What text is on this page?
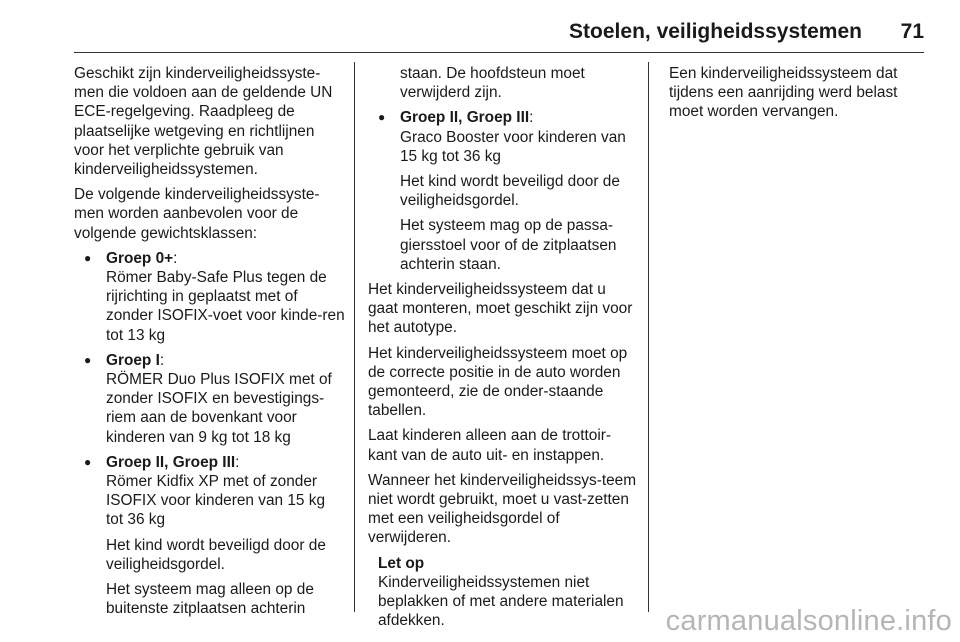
Stoelen, veiligheidssystemen 71

Geschikt zijn kinderveiligheidssyste-men die voldoen aan de geldende UN ECE-regelgeving. Raadpleeg de plaatselijke wetgeving en richtlijnen voor het verplichte gebruik van kinderveiligheidssystemen.

De volgende kinderveiligheidssyste-men worden aanbevolen voor de volgende gewichtsklassen:

● Groep 0+:
Römer Baby-Safe Plus tegen de rijrichting in geplaatst met of zonder ISOFIX-voet voor kinde-ren tot 13 kg
● Groep I:
RÖMER Duo Plus ISOFIX met of zonder ISOFIX en bevestigings-riem aan de bovenkant voor kinderen van 9 kg tot 18 kg
● Groep II, Groep III:
Römer Kidfix XP met of zonder ISOFIX voor kinderen van 15 kg tot 36 kg
Het kind wordt beveiligd door de veiligheidsgordel.
Het systeem mag alleen op de buitenste zitplaatsen achterin
staan. De hoofdsteun moet verwijderd zijn.
● Groep II, Groep III:
Graco Booster voor kinderen van 15 kg tot 36 kg
Het kind wordt beveiligd door de veiligheidsgordel.
Het systeem mag op de passa-giersstoel voor of de zitplaatsen achterin staan.

Het kinderveiligheidssysteem dat u gaat monteren, moet geschikt zijn voor het autotype.

Het kinderveiligheidssysteem moet op de correcte positie in de auto worden gemonteerd, zie de onder-staande tabellen.

Laat kinderen alleen aan de trottoir-kant van de auto uit- en instappen.

Wanneer het kinderveiligheidssys-teem niet wordt gebruikt, moet u vast-zetten met een veiligheidsgordel of verwijderen.

Let op
Kinderveiligheidssystemen niet beplakken of met andere materialen afdekken.

Een kinderveiligheidssysteem dat tijdens een aanrijding werd belast moet worden vervangen.

carmanualsonline.info
